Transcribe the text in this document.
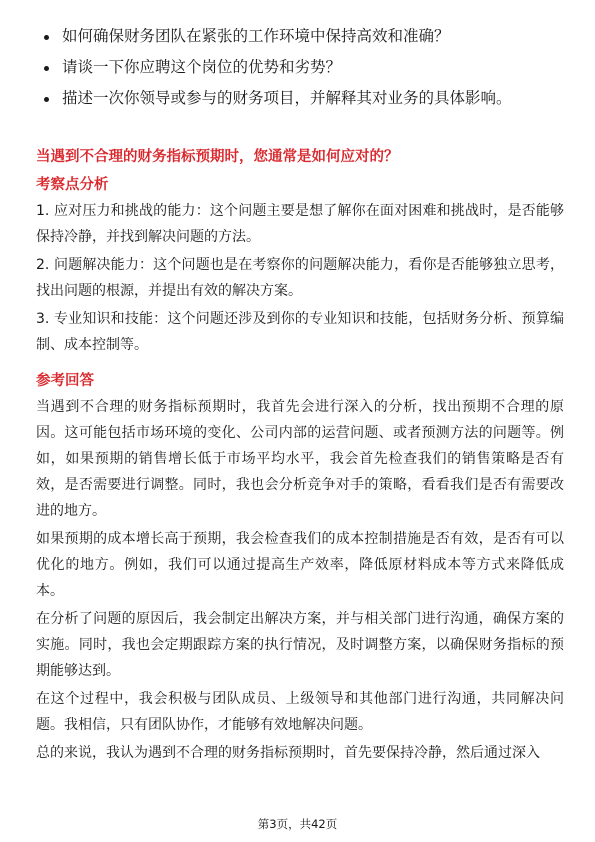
如何确保财务团队在紧张的工作环境中保持高效和准确？
请谈一下你应聘这个岗位的优势和劣势？
描述一次你领导或参与的财务项目，并解释其对业务的具体影响。

当遇到不合理的财务指标预期时，您通常是如何应对的？

考察点分析

1. 应对压力和挑战的能力：这个问题主要是想了解你在面对困难和挑战时，是否能够保持冷静，并找到解决问题的方法。

2. 问题解决能力：这个问题也是在考察你的问题解决能力，看你是否能够独立思考，找出问题的根源，并提出有效的解决方案。

3. 专业知识和技能：这个问题还涉及到你的专业知识和技能，包括财务分析、预算编制、成本控制等。

参考回答

当遇到不合理的财务指标预期时，我首先会进行深入的分析，找出预期不合理的原因。这可能包括市场环境的变化、公司内部的运营问题、或者预测方法的问题等。例如，如果预期的销售增长低于市场平均水平，我会首先检查我们的销售策略是否有效，是否需要进行调整。同时，我也会分析竞争对手的策略，看看我们是否有需要改进的地方。

如果预期的成本增长高于预期，我会检查我们的成本控制措施是否有效，是否有可以优化的地方。例如，我们可以通过提高生产效率，降低原材料成本等方式来降低成本。

在分析了问题的原因后，我会制定出解决方案，并与相关部门进行沟通，确保方案的实施。同时，我也会定期跟踪方案的执行情况，及时调整方案，以确保财务指标的预期能够达到。

在这个过程中，我会积极与团队成员、上级领导和其他部门进行沟通，共同解决问题。我相信，只有团队协作，才能够有效地解决问题。

总的来说，我认为遇到不合理的财务指标预期时，首先要保持冷静，然后通过深入

第3页，共42页
